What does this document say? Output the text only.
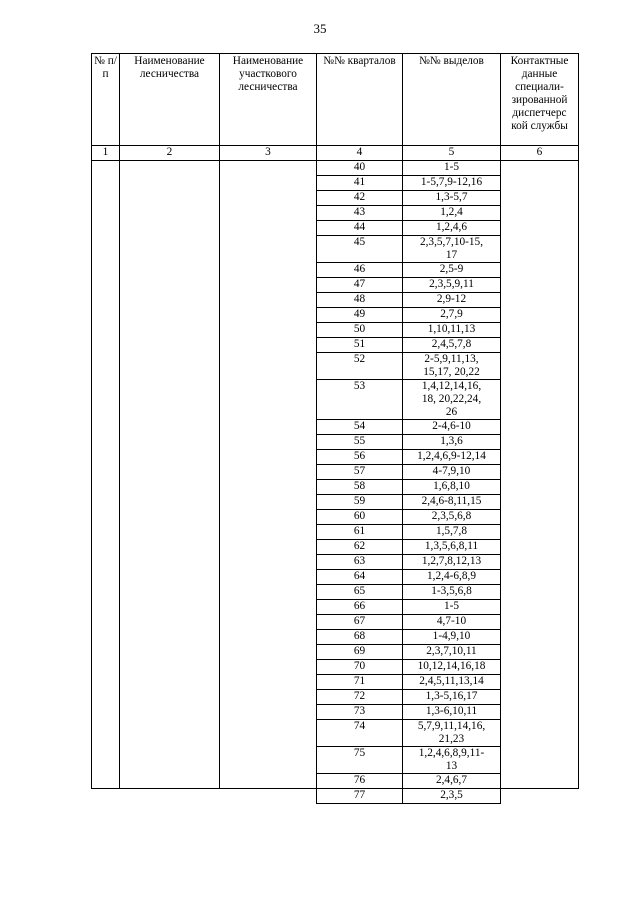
35
№ п/п	Наименование лесничества	Наименование участкового лесничества	№№ кварталов	№№ выделов	Контактные данные специали-зированной диспетчерс кой службы
1	2	3	4	5	6
			40	1-5	
			41	1-5,7,9-12,16	
			42	1,3-5,7	
			43	1,2,4	
			44	1,2,4,6	
			45	2,3,5,7,10-15,
17	
			46	2,5-9	
			47	2,3,5,9,11	
			48	2,9-12	
			49	2,7,9	
			50	1,10,11,13	
			51	2,4,5,7,8	
			52	2-5,9,11,13,
15,17, 20,22	
			53	1,4,12,14,16,
18, 20,22,24,
26	
			54	2-4,6-10	
			55	1,3,6	
			56	1,2,4,6,9-12,14	
			57	4-7,9,10	
			58	1,6,8,10	
			59	2,4,6-8,11,15	
			60	2,3,5,6,8	
			61	1,5,7,8	
			62	1,3,5,6,8,11	
			63	1,2,7,8,12,13	
			64	1,2,4-6,8,9	
			65	1-3,5,6,8	
			66	1-5	
			67	4,7-10	
			68	1-4,9,10	
			69	2,3,7,10,11	
			70	10,12,14,16,18	
			71	2,4,5,11,13,14	
			72	1,3-5,16,17	
			73	1,3-6,10,11	
			74	5,7,9,11,14,16,
21,23	
			75	1,2,4,6,8,9,11-
13	
			76	2,4,6,7	
			77	2,3,5	
